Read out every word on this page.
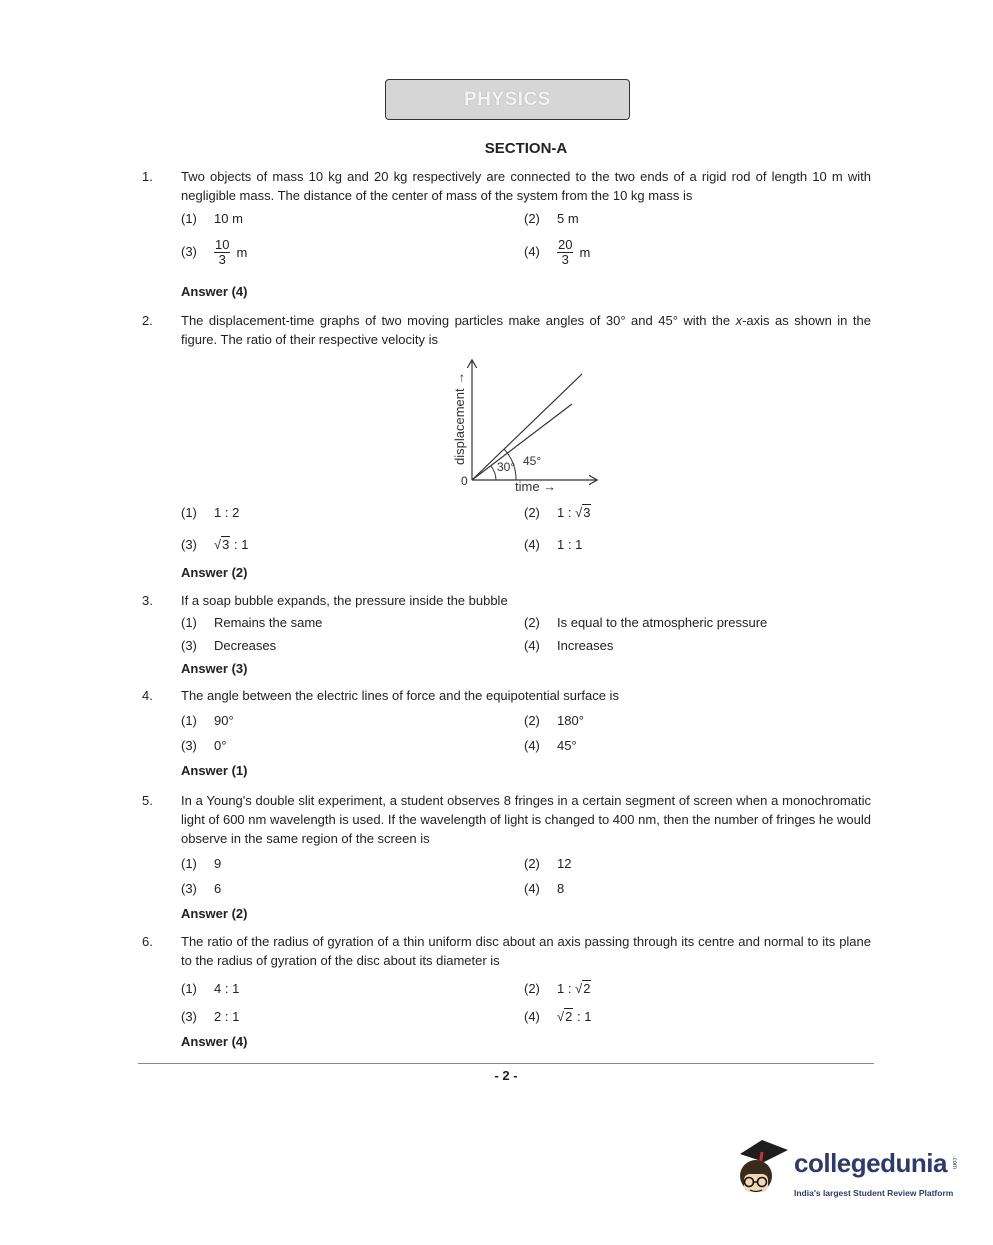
PHYSICS
SECTION-A
1. Two objects of mass 10 kg and 20 kg respectively are connected to the two ends of a rigid rod of length 10 m with negligible mass. The distance of the center of mass of the system from the 10 kg mass is
(1) 10 m	(2) 5 m
$(3) \frac{10}{3}$ m	$(4) \frac{20}{3}$ m
Answer (4)
2. The displacement-time graphs of two moving particles make angles of 30° and 45° with the x-axis as shown in the figure. The ratio of their respective velocity is
displacement →
time →
0
30° 45°
(1) 1 : 2	(2) 1 : √3
(3) √3 : 1	(4) 1 : 1
Answer (2)
3. If a soap bubble expands, the pressure inside the bubble
(1) Remains the same	(2) Is equal to the atmospheric pressure
(3) Decreases	(4) Increases
Answer (3)
4. The angle between the electric lines of force and the equipotential surface is
(1) 90°	(2) 180°
(3) 0°	(4) 45°
Answer (1)
5. In a Young's double slit experiment, a student observes 8 fringes in a certain segment of screen when a monochromatic light of 600 nm wavelength is used. If the wavelength of light is changed to 400 nm, then the number of fringes he would observe in the same region of the screen is
(1) 9	(2) 12
(3) 6	(4) 8
Answer (2)
6. The ratio of the radius of gyration of a thin uniform disc about an axis passing through its centre and normal to its plane to the radius of gyration of the disc about its diameter is
(1) 4 : 1	(2) 1 : √2
(3) 2 : 1	(4) √2 : 1
Answer (4)
- 2 -
collegedunia .com
India's largest Student Review Platform
